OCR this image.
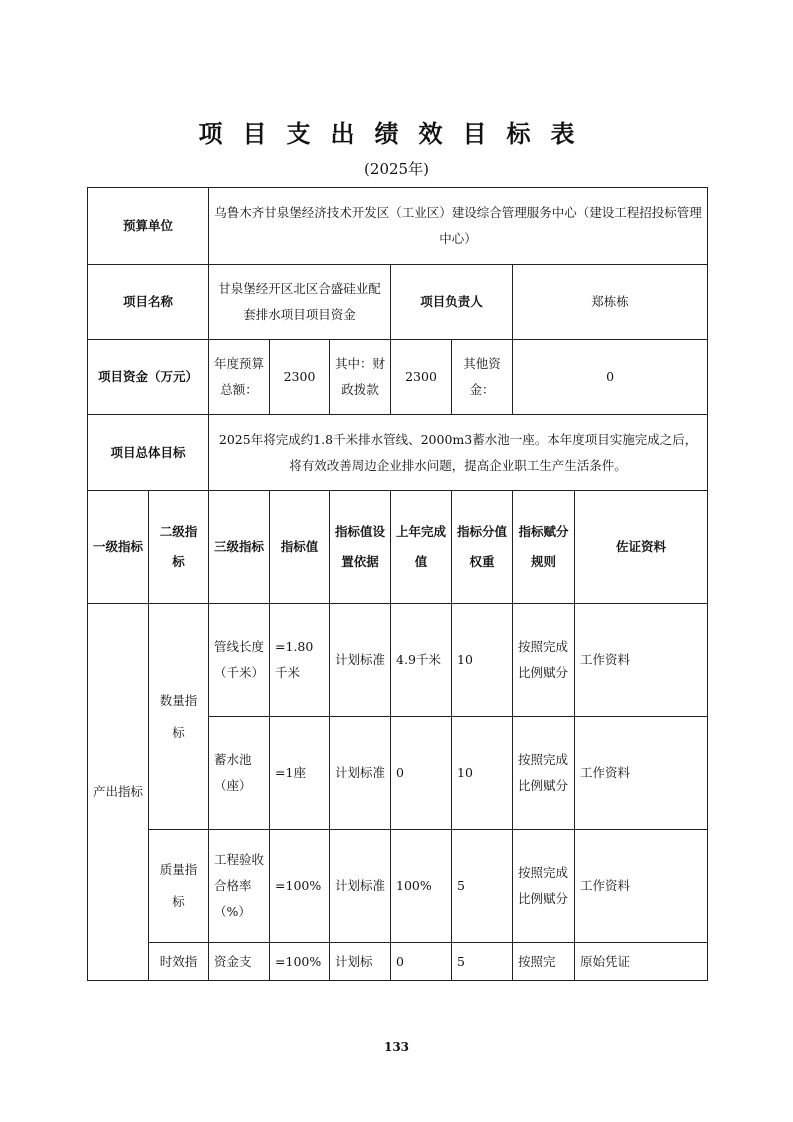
项目支出绩效目标表
(2025年)
预算单位		乌鲁木齐甘泉堡经济技术开发区（工业区）建设综合管理服务中心（建设工程招投标管理中心）						
项目名称		甘泉堡经开区北区合盛硅业配套排水项目项目资金			项目负责人		郑栋栋	
项目资金（万元）		年度预算总额：	2300	其中：财政拨款	2300	其他资金：	0	
项目总体目标		2025年将完成约1.8千米排水管线、2000m3蓄水池一座。本年度项目实施完成之后，将有效改善周边企业排水问题，提高企业职工生产生活条件。						
一级指标	二级指标	三级指标	指标值	指标值设置依据	上年完成值	指标分值权重	指标赋分规则	佐证资料
产出指标	数量指标	管线长度（千米）	=1.80千米	计划标准	4.9千米	10	按照完成比例赋分	工作资料
		蓄水池（座）	=1座	计划标准	0	10	按照完成比例赋分	工作资料
	质量指标	工程验收合格率（%）	=100%	计划标准	100%	5	按照完成比例赋分	工作资料
	时效指	资金支	=100%	计划标	0	5	按照完	原始凭证
133
